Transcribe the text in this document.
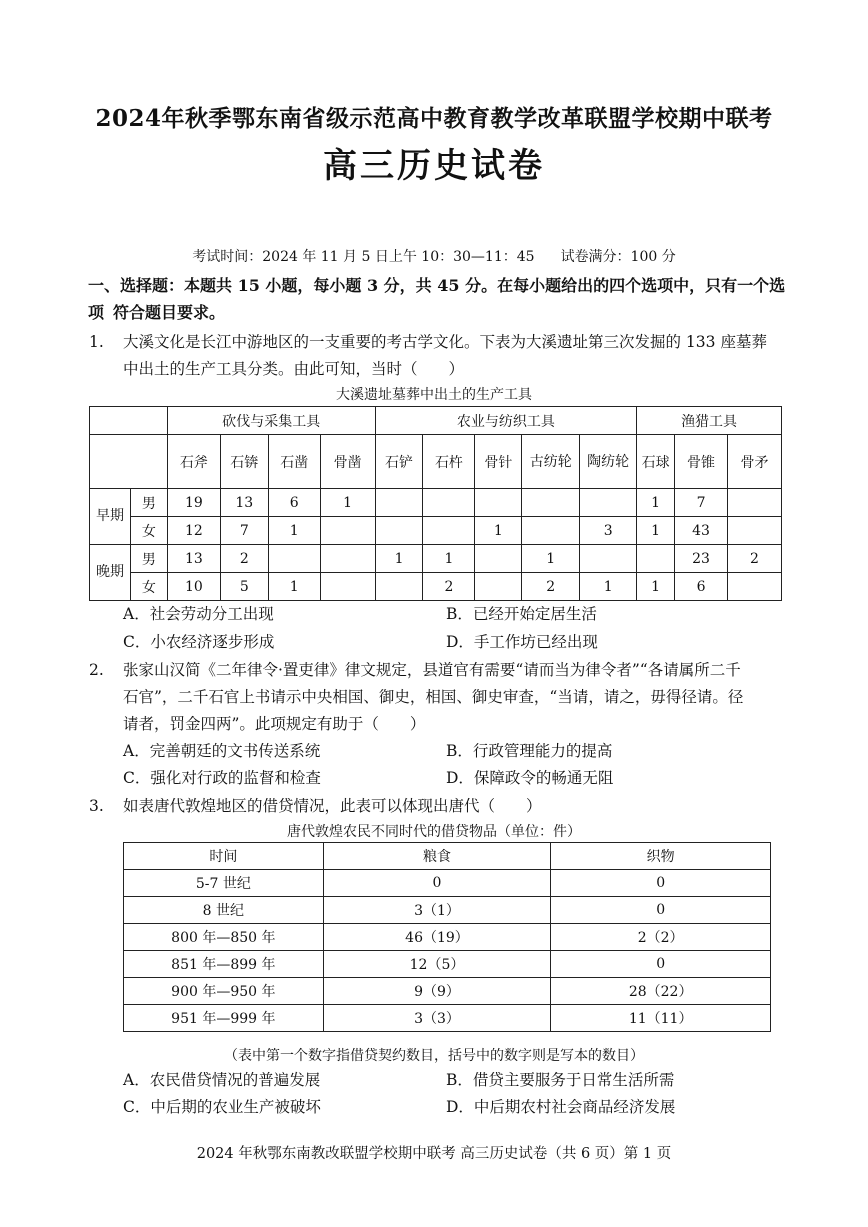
2024年秋季鄂东南省级示范高中教育教学改革联盟学校期中联考
高三历史试卷
考试时间：2024 年 11 月 5 日上午 10：30—11：45 试卷满分：100 分
一、选择题：本题共 15 小题，每小题 3 分，共 45 分。在每小题给出的四个选项中，只有一个选项 符合题目要求。
1. 大溪文化是长江中游地区的一支重要的考古学文化。下表为大溪遗址第三次发掘的 133 座墓葬
中出土的生产工具分类。由此可知，当时（　　）
大溪遗址墓葬中出土的生产工具
		砍伐与采集工具				农业与纺织工具					渔猎工具		
		石斧	石锛	石凿	骨凿	石铲	石杵	骨针	古纺轮	陶纺轮	石球	骨锥	骨矛
早期	男	19	13	6	1						1	7	
	女	12	7	1				1		3	1	43	
晚期	男	13	2			1	1		1			23	2
	女	10	5	1			2		2	1	1	6	
A．社会劳动分工出现	B．已经开始定居生活
C．小农经济逐步形成	D．手工作坊已经出现
2. 张家山汉简《二年律令·置吏律》律文规定，县道官有需要“请而当为律令者”“各请属所二千
石官”，二千石官上书请示中央相国、御史，相国、御史审查，“当请，请之，毋得径请。径
请者，罚金四两”。此项规定有助于（　　）
A．完善朝廷的文书传送系统	B．行政管理能力的提高
C．强化对行政的监督和检查	D．保障政令的畅通无阻
3. 如表唐代敦煌地区的借贷情况，此表可以体现出唐代（　　）
唐代敦煌农民不同时代的借贷物品（单位：件）
时间	粮食	织物
5-7 世纪	0	0
8 世纪	3（1）	0
800 年—850 年	46（19）	2（2）
851 年—899 年	12（5）	0
900 年—950 年	9（9）	28（22）
951 年—999 年	3（3）	11（11）
（表中第一个数字指借贷契约数目，括号中的数字则是写本的数目）
A．农民借贷情况的普遍发展	B．借贷主要服务于日常生活所需
C．中后期的农业生产被破坏	D．中后期农村社会商品经济发展
2024 年秋鄂东南教改联盟学校期中联考 高三历史试卷（共 6 页）第 1 页
